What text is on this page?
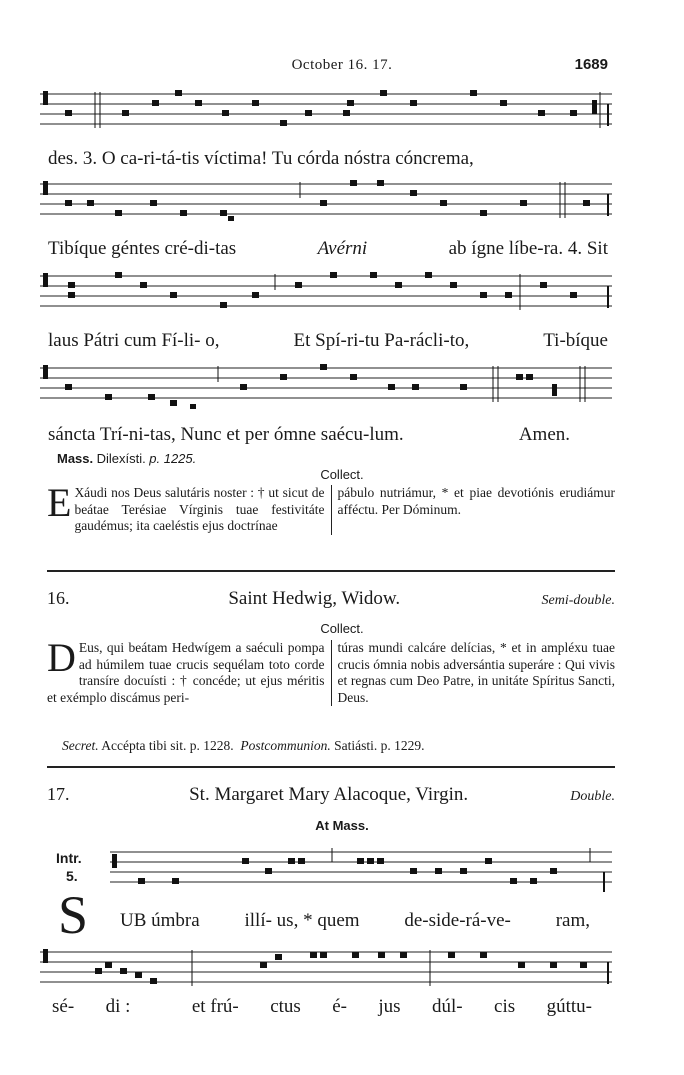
October 16. 17.	1689
des. 3. O ca-ri-tá-tis víctima! Tu córda nóstra cóncrema,
Tibíque géntes cré-di-tas	Avérni	ab ígne líbe-ra. 4. Sit
laus Pátri cum Fí-li- o,	Et Spí-ri-tu Pa-rácli-to,	Ti-bíque
sáncta Trí-ni-tas, Nunc et per ómne saécu-lum.	Amen.
Mass. Dilexísti. p. 1225.
Collect.
E Xáudi nos Deus salutáris noster : † ut sicut de beátae Terésiae Vírginis tuae festivitáte gaudémus; ita caeléstis ejus doctrínae
pábulo nutriámur, * et piae devotiónis erudiámur afféctu. Per Dóminum.
16.	Saint Hedwig, Widow.	Semi-double.
Collect.
D Eus, qui beátam Hedwígem a saéculi pompa ad húmilem tuae crucis sequélam toto corde transíre docuísti : † concéde; ut ejus méritis et exémplo discámus peri-
túras mundi calcáre delícias, * et in ampléxu tuae crucis ómnia nobis adversántia superáre : Qui vivis et regnas cum Deo Patre, in unitáte Spíritus Sancti, Deus.
Secret. Accépta tibi sit. p. 1228. Postcommunion. Satiásti. p. 1229.
17.	St. Margaret Mary Alacoque, Virgin.	Double.
At Mass.
Intr.
5.
S UB úmbra illí- us, * quem de-side-rá-ve- ram,
sé- di :	et frú- ctus é- jus dúl- cis gúttu-
